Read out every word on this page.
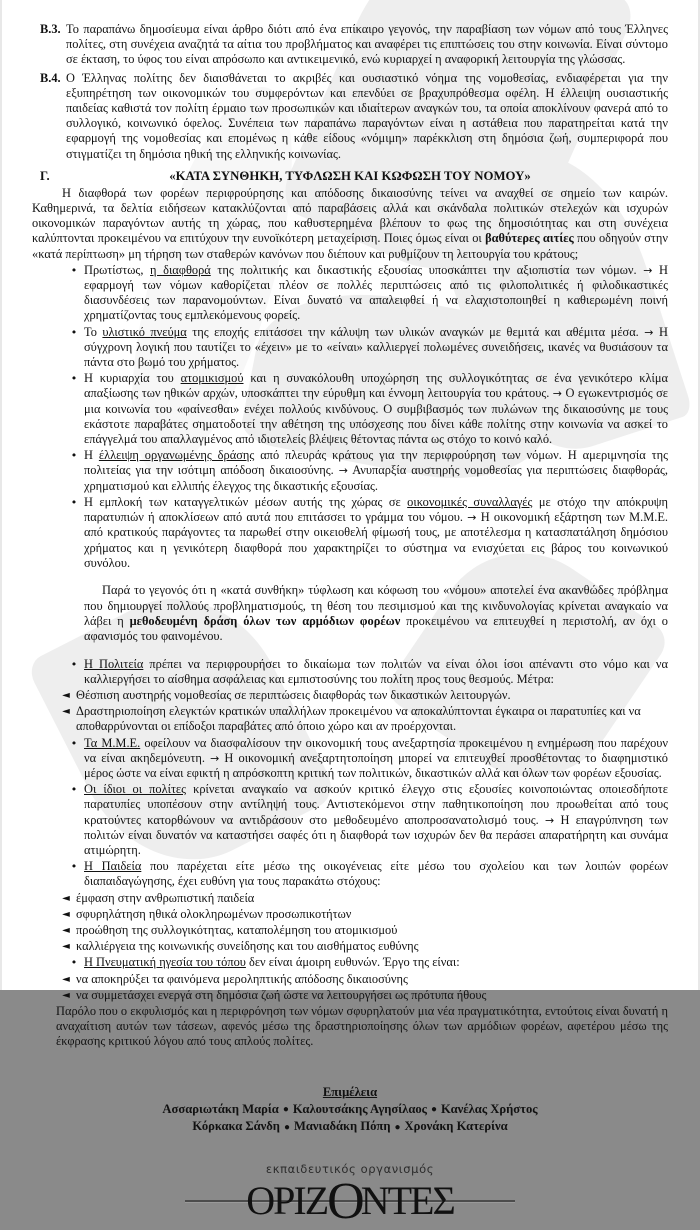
B.3. Το παραπάνω δημοσίευμα είναι άρθρο διότι από ένα επίκαιρο γεγονός, την παραβίαση των νόμων από τους Έλληνες πολίτες, στη συνέχεια αναζητά τα αίτια του προβλήματος και αναφέρει τις επιπτώσεις του στην κοινωνία. Είναι σύντομο σε έκταση, το ύφος του είναι απρόσωπο και αντικειμενικό, ενώ κυριαρχεί η αναφορική λειτουργία της γλώσσας.
B.4. Ο Έλληνας πολίτης δεν διαισθάνεται το ακριβές και ουσιαστικό νόημα της νομοθεσίας, ενδιαφέρεται για την εξυπηρέτηση των οικονομικών του συμφερόντων και επενδύει σε βραχυπρόθεσμα οφέλη. Η έλλειψη ουσιαστικής παιδείας καθιστά τον πολίτη έρμαιο των προσωπικών και ιδιαίτερων αναγκών του, τα οποία αποκλίνουν φανερά από το συλλογικό, κοινωνικό όφελος. Συνέπεια των παραπάνω παραγόντων είναι η αστάθεια που παρατηρείται κατά την εφαρμογή της νομοθεσίας και επομένως η κάθε είδους «νόμιμη» παρέκκλιση στη δημόσια ζωή, συμπεριφορά που στιγματίζει τη δημόσια ηθική της ελληνικής κοινωνίας.
Γ.	«ΚΑΤΑ ΣΥΝΘΗΚΗ, ΤΥΦΛΩΣΗ ΚΑΙ ΚΩΦΩΣΗ ΤΟΥ ΝΟΜΟΥ»

Η διαφθορά των φορέων περιφρούρησης και απόδοσης δικαιοσύνης τείνει να αναχθεί σε σημείο των καιρών. Καθημερινά, τα δελτία ειδήσεων κατακλύζονται από παραβάσεις αλλά και σκάνδαλα πολιτικών στελεχών και ισχυρών οικονομικών παραγόντων αυτής τη χώρας, που καθυστερημένα βλέπουν το φως της δημοσιότητας και στη συνέχεια καλύπτονται προκειμένου να επιτύχουν την ευνοϊκότερη μεταχείριση. Ποιες όμως είναι οι βαθύτερες αιτίες που οδηγούν στην «κατά περίπτωση» μη τήρηση των σταθερών κανόνων που διέπουν και ρυθμίζουν τη λειτουργία του κράτους;

• Πρωτίστως, η διαφθορά της πολιτικής και δικαστικής εξουσίας υποσκάπτει την αξιοπιστία των νόμων. → Η εφαρμογή των νόμων καθορίζεται πλέον σε πολλές περιπτώσεις από τις φιλοπολιτικές ή φιλοδικαστικές διασυνδέσεις των παρανομούντων. Είναι δυνατό να απαλειφθεί ή να ελαχιστοποιηθεί η καθιερωμένη ποινή χρηματίζοντας τους εμπλεκόμενους φορείς.
• Το υλιστικό πνεύμα της εποχής επιτάσσει την κάλυψη των υλικών αναγκών με θεμιτά και αθέμιτα μέσα. → Η σύγχρονη λογική που ταυτίζει το «έχειν» με το «είναι» καλλιεργεί πολωμένες συνειδήσεις, ικανές να θυσιάσουν τα πάντα στο βωμό του χρήματος.
• Η κυριαρχία του ατομικισμού και η συνακόλουθη υποχώρηση της συλλογικότητας σε ένα γενικότερο κλίμα απαξίωσης των ηθικών αρχών, υποσκάπτει την εύρυθμη και έννομη λειτουργία του κράτους. → Ο εγωκεντρισμός σε μια κοινωνία του «φαίνεσθαι» ενέχει πολλούς κινδύνους. Ο συμβιβασμός των πυλώνων της δικαιοσύνης με τους εκάστοτε παραβάτες σηματοδοτεί την αθέτηση της υπόσχεσης που δίνει κάθε πολίτης στην κοινωνία να ασκεί το επάγγελμά του απαλλαγμένος από ιδιοτελείς βλέψεις θέτοντας πάντα ως στόχο το κοινό καλό.
• Η έλλειψη οργανωμένης δράσης από πλευράς κράτους για την περιφρούρηση των νόμων. Η αμεριμνησία της πολιτείας για την ισότιμη απόδοση δικαιοσύνης. → Ανυπαρξία αυστηρής νομοθεσίας για περιπτώσεις διαφθοράς, χρηματισμού και ελλιπής έλεγχος της δικαστικής εξουσίας.
• Η εμπλοκή των καταγγελτικών μέσων αυτής της χώρας σε οικονομικές συναλλαγές με στόχο την απόκρυψη παρατυπιών ή αποκλίσεων από αυτά που επιτάσσει το γράμμα του νόμου. → Η οικονομική εξάρτηση των Μ.Μ.Ε. από κρατικούς παράγοντες τα παρωθεί στην οικειοθελή φίμωσή τους, με αποτέλεσμα η κατασπατάληση δημόσιου χρήματος και η γενικότερη διαφθορά που χαρακτηρίζει το σύστημα να ενισχύεται εις βάρος του κοινωνικού συνόλου.

Παρά το γεγονός ότι η «κατά συνθήκη» τύφλωση και κόφωση του «νόμου» αποτελεί ένα ακανθώδες πρόβλημα που δημιουργεί πολλούς προβληματισμούς, τη θέση του πεσιμισμού και της κινδυνολογίας κρίνεται αναγκαίο να λάβει η μεθοδευμένη δράση όλων των αρμόδιων φορέων προκειμένου να επιτευχθεί η περιστολή, αν όχι ο αφανισμός του φαινομένου.

• Η Πολιτεία πρέπει να περιφρουρήσει το δικαίωμα των πολιτών να είναι όλοι ίσοι απέναντι στο νόμο και να καλλιεργήσει το αίσθημα ασφάλειας και εμπιστοσύνης του πολίτη προς τους θεσμούς. Μέτρα:
◄ Θέσπιση αυστηρής νομοθεσίας σε περιπτώσεις διαφθοράς των δικαστικών λειτουργών.
◄ Δραστηριοποίηση ελεγκτών κρατικών υπαλλήλων προκειμένου να αποκαλύπτονται έγκαιρα οι παρατυπίες και να αποθαρρύνονται οι επίδοξοι παραβάτες από όποιο χώρο και αν προέρχονται.
• Τα Μ.Μ.Ε. οφείλουν να διασφαλίσουν την οικονομική τους ανεξαρτησία προκειμένου η ενημέρωση που παρέχουν να είναι ακηδεμόνευτη. → Η οικονομική ανεξαρτητοποίηση μπορεί να επιτευχθεί προσθέτοντας το διαφημιστικό μέρος ώστε να είναι εφικτή η απρόσκοπτη κριτική των πολιτικών, δικαστικών αλλά και όλων των φορέων εξουσίας.
• Οι ίδιοι οι πολίτες κρίνεται αναγκαίο να ασκούν κριτικό έλεγχο στις εξουσίες κοινοποιώντας οποιεσδήποτε παρατυπίες υποπέσουν στην αντίληψή τους. Αντιστεκόμενοι στην παθητικοποίηση που προωθείται από τους κρατούντες κατορθώνουν να αντιδράσουν στο μεθοδευμένο αποπροσανατολισμό τους. → Η επαγρύπνηση των πολιτών είναι δυνατόν να καταστήσει σαφές ότι η διαφθορά των ισχυρών δεν θα περάσει απαρατήρητη και συνάμα ατιμώρητη.
• Η Παιδεία που παρέχεται είτε μέσω της οικογένειας είτε μέσω του σχολείου και των λοιπών φορέων διαπαιδαγώγησης, έχει ευθύνη για τους παρακάτω στόχους:
◄ έμφαση στην ανθρωπιστική παιδεία
◄ σφυρηλάτηση ηθικά ολοκληρωμένων προσωπικοτήτων
◄ προώθηση της συλλογικότητας, καταπολέμηση του ατομικισμού
◄ καλλιέργεια της κοινωνικής συνείδησης και του αισθήματος ευθύνης
• Η Πνευματική ηγεσία του τόπου δεν είναι άμοιρη ευθυνών. Έργο της είναι:
◄ να αποκηρύξει τα φαινόμενα μεροληπτικής απόδοσης δικαιοσύνης
◄ να συμμετάσχει ενεργά στη δημόσια ζωή ώστε να λειτουργήσει ως πρότυπα ήθους

Παρόλο που ο εκφυλισμός και η περιφρόνηση των νόμων σφυρηλατούν μια νέα πραγματικότητα, εντούτοις είναι δυνατή η αναχαίτιση αυτών των τάσεων, αφενός μέσω της δραστηριοποίησης όλων των αρμόδιων φορέων, αφετέρου μέσω της έκφρασης κριτικού λόγου από τους απλούς πολίτες.

Επιμέλεια
Ασσαριωτάκη Μαρία ● Καλουτσάκης Αγησίλαος ● Κανέλας Χρήστος
Κόρκακα Σάνδη ● Μανιαδάκη Πόπη ● Χρονάκη Κατερίνα
εκπαιδευτικός οργανισμός
ΟΡΙΖΟΝΤΕΣ
